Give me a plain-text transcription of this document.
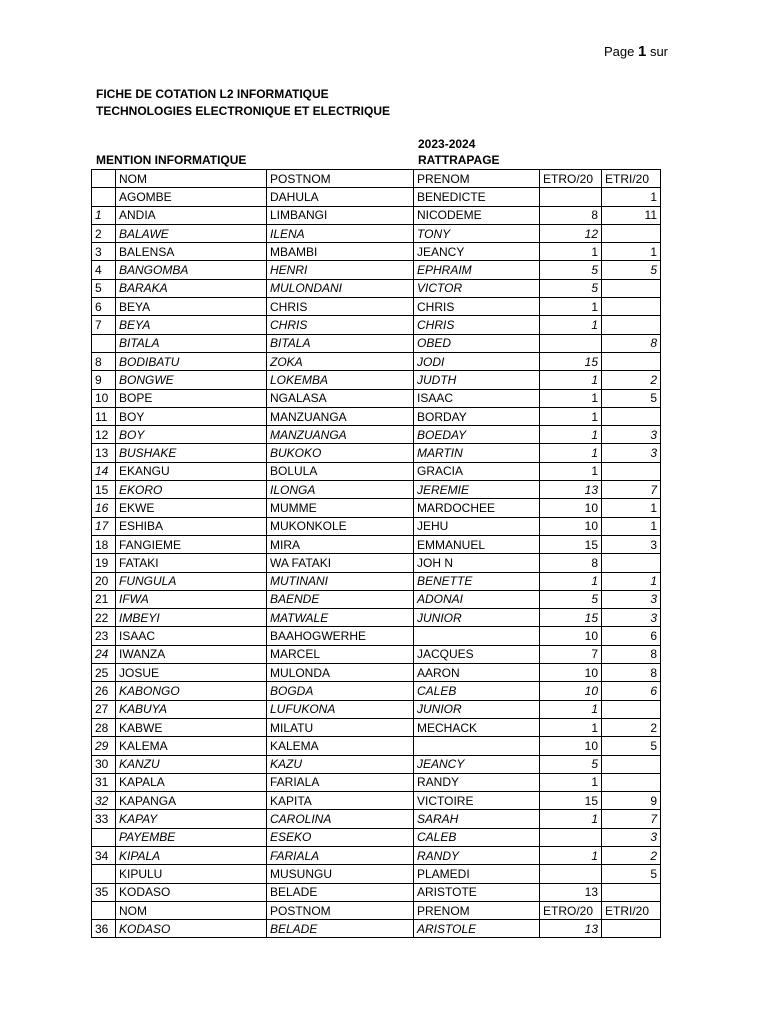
Page 1 sur
FICHE DE COTATION L2 INFORMATIQUE
TECHNOLOGIES ELECTRONIQUE ET ELECTRIQUE
2023-2024
MENTION INFORMATIQUE	RATTRAPAGE
	NOM	POSTNOM	PRENOM	ETRO/20	ETRI/20
	AGOMBE	DAHULA	BENEDICTE		1
1	ANDIA	LIMBANGI	NICODEME	8	11
2	BALAWE	ILENA	TONY	12	
3	BALENSA	MBAMBI	JEANCY	1	1
4	BANGOMBA	HENRI	EPHRAIM	5	5
5	BARAKA	MULONDANI	VICTOR	5	
6	BEYA	CHRIS	CHRIS	1	
7	BEYA	CHRIS	CHRIS	1	
	BITALA	BITALA	OBED		8
8	BODIBATU	ZOKA	JODI	15	
9	BONGWE	LOKEMBA	JUDTH	1	2
10	BOPE	NGALASA	ISAAC	1	5
11	BOY	MANZUANGA	BORDAY	1	
12	BOY	MANZUANGA	BOEDAY	1	3
13	BUSHAKE	BUKOKO	MARTIN	1	3
14	EKANGU	BOLULA	GRACIA	1	
15	EKORO	ILONGA	JEREMIE	13	7
16	EKWE	MUMME	MARDOCHEE	10	1
17	ESHIBA	MUKONKOLE	JEHU	10	1
18	FANGIEME	MIRA	EMMANUEL	15	3
19	FATAKI	WA FATAKI	JOH N	8	
20	FUNGULA	MUTINANI	BENETTE	1	1
21	IFWA	BAENDE	ADONAI	5	3
22	IMBEYI	MATWALE	JUNIOR	15	3
23	ISAAC	BAAHOGWERHE		10	6
24	IWANZA	MARCEL	JACQUES	7	8
25	JOSUE	MULONDA	AARON	10	8
26	KABONGO	BOGDA	CALEB	10	6
27	KABUYA	LUFUKONA	JUNIOR	1	
28	KABWE	MILATU	MECHACK	1	2
29	KALEMA	KALEMA		10	5
30	KANZU	KAZU	JEANCY	5	
31	KAPALA	FARIALA	RANDY	1	
32	KAPANGA	KAPITA	VICTOIRE	15	9
33	KAPAY	CAROLINA	SARAH	1	7
	PAYEMBE	ESEKO	CALEB		3
34	KIPALA	FARIALA	RANDY	1	2
	KIPULU	MUSUNGU	PLAMEDI		5
35	KODASO	BELADE	ARISTOTE	13	
	NOM	POSTNOM	PRENOM	ETRO/20	ETRI/20
36	KODASO	BELADE	ARISTOLE	13	
